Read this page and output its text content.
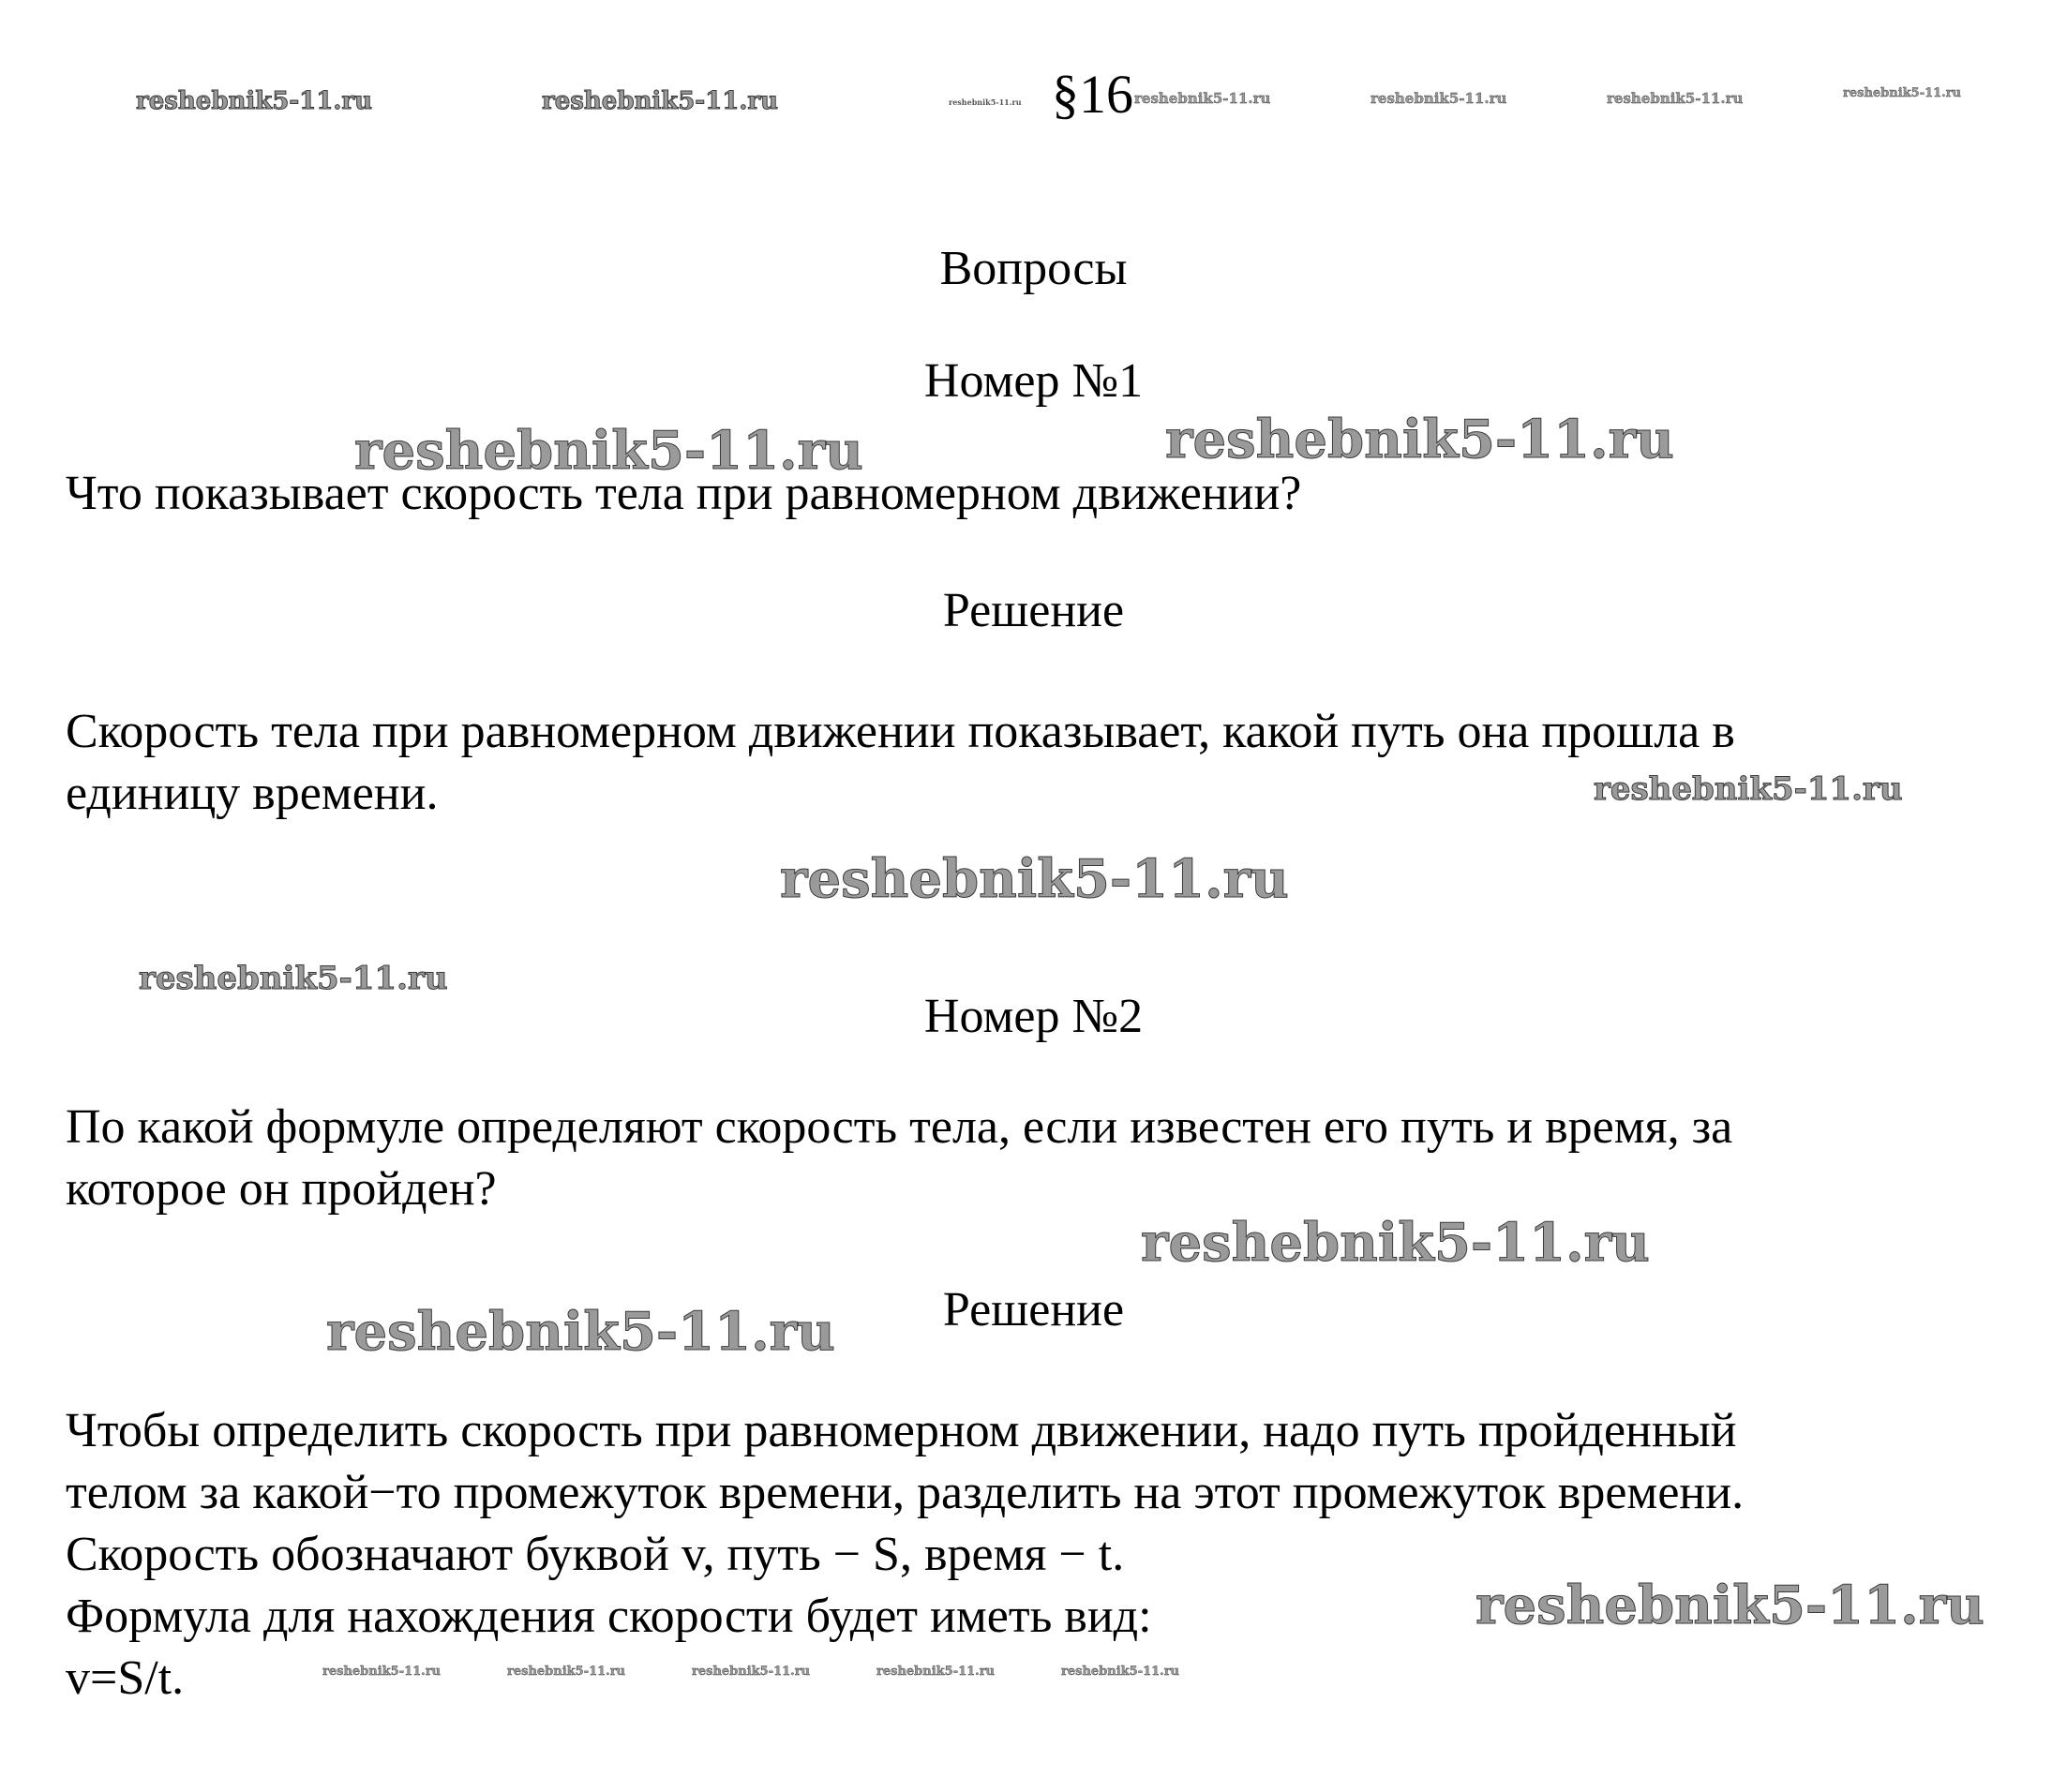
reshebnik5-11.ru	reshebnik5-11.ru	reshebnik5-11.ru §16 reshebnik5-11.ru	reshebnik5-11.ru	reshebnik5-11.ru	reshebnik5-11.ru
Вопросы
Номер №1
reshebnik5-11.ru	reshebnik5-11.ru
Что показывает скорость тела при равномерном движении?
Решение
Скорость тела при равномерном движении показывает, какой путь она прошла в
единицу времени.	reshebnik5-11.ru
reshebnik5-11.ru
reshebnik5-11.ru
Номер №2
По какой формуле определяют скорость тела, если известен его путь и время, за
которое он пройден?
reshebnik5-11.ru
Решение
reshebnik5-11.ru
Чтобы определить скорость при равномерном движении, надо путь пройденный
телом за какой−то промежуток времени, разделить на этот промежуток времени.
Скорость обозначают буквой v, путь − S, время − t.
Формула для нахождения скорости будет иметь вид:
v=S/t.
reshebnik5-11.ru
reshebnik5-11.ru	reshebnik5-11.ru	reshebnik5-11.ru	reshebnik5-11.ru	reshebnik5-11.ru
